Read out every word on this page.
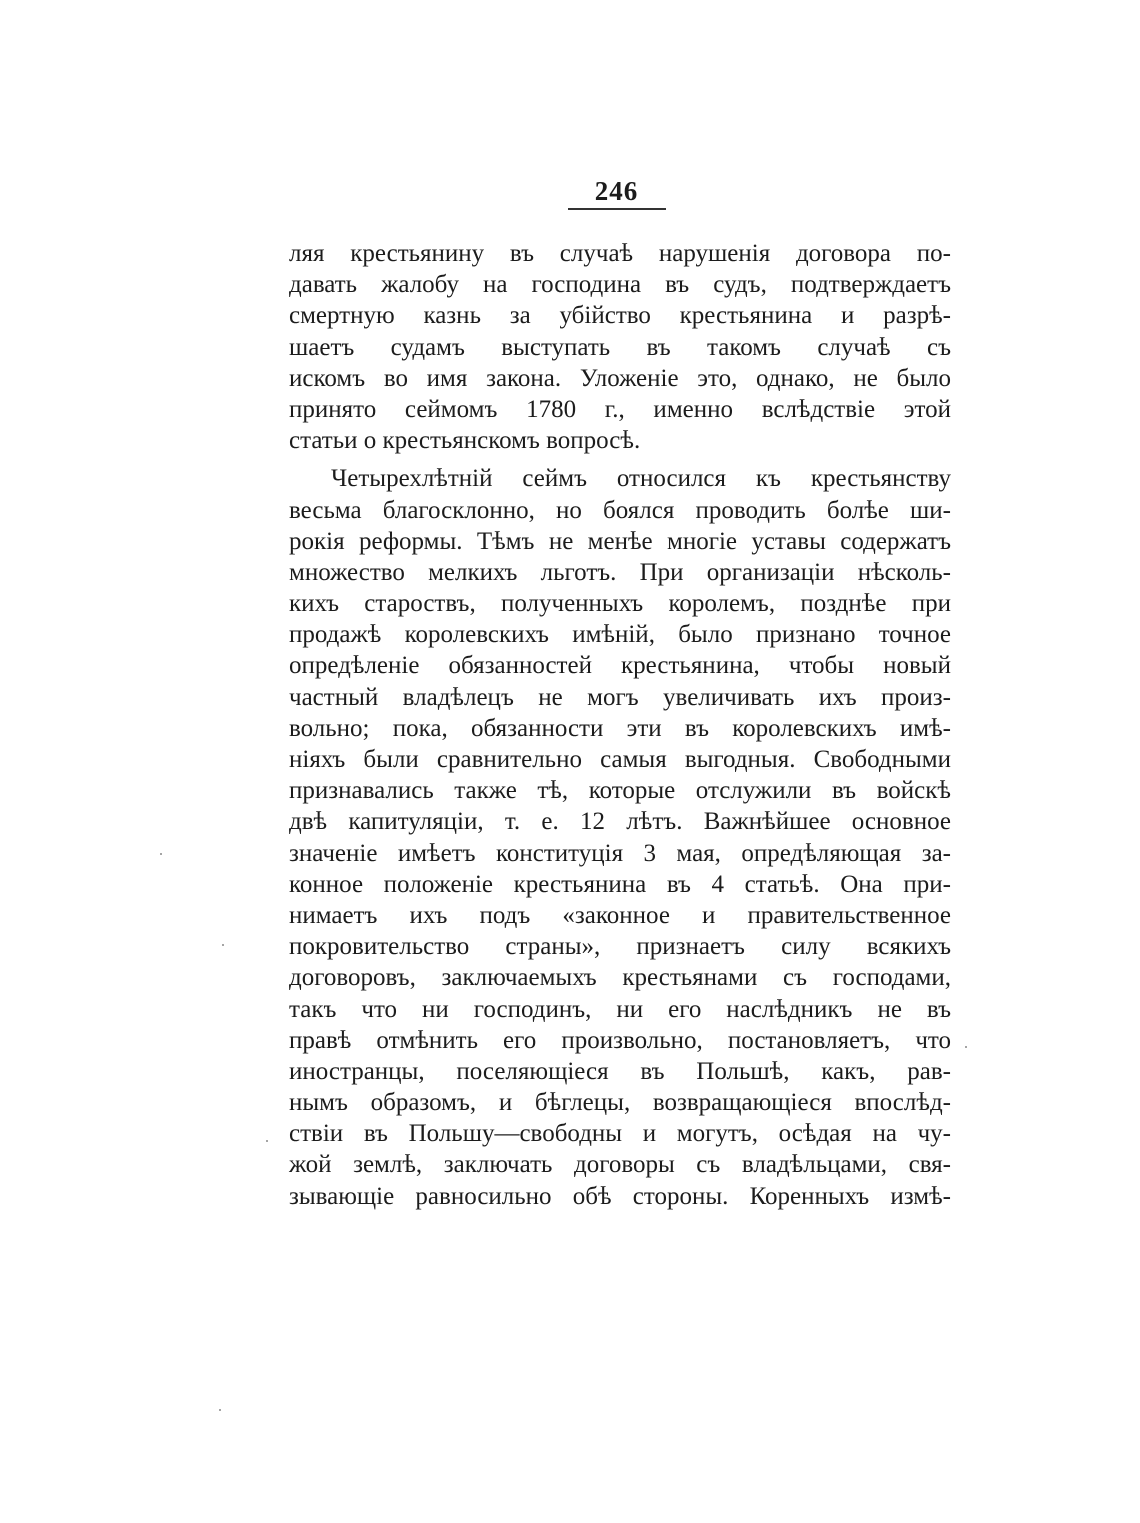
246
ляя крестьянину въ случаѣ нарушенія договора по-
давать жалобу на господина въ судъ, подтверждаетъ
смертную казнь за убійство крестьянина и разрѣ-
шаетъ судамъ выступать въ такомъ случаѣ съ
искомъ во имя закона. Уложеніе это, однако, не было
принято сеймомъ 1780 г., именно вслѣдствіе этой
статьи о крестьянскомъ вопросѣ.
Четырехлѣтній сеймъ относился къ крестьянству
весьма благосклонно, но боялся проводить болѣе ши-
рокія реформы. Тѣмъ не менѣе многіе уставы содержатъ
множество мелкихъ льготъ. При организаціи нѣсколь-
кихъ староствъ, полученныхъ королемъ, позднѣе при
продажѣ королевскихъ имѣній, было признано точное
опредѣленіе обязанностей крестьянина, чтобы новый
частный владѣлецъ не могъ увеличивать ихъ произ-
вольно; пока, обязанности эти въ королевскихъ имѣ-
ніяхъ были сравнительно самыя выгодныя. Свободными
признавались также тѣ, которые отслужили въ войскѣ
двѣ капитуляціи, т. е. 12 лѣтъ. Важнѣйшее основное
значеніе имѣетъ конституція 3 мая, опредѣляющая за-
конное положеніе крестьянина въ 4 статьѣ. Она при-
нимаетъ ихъ подъ «законное и правительственное
покровительство страны», признаетъ силу всякихъ
договоровъ, заключаемыхъ крестьянами съ господами,
такъ что ни господинъ, ни его наслѣдникъ не въ
правѣ отмѣнить его произвольно, постановляетъ, что
иностранцы, поселяющіеся въ Польшѣ, какъ, рав-
нымъ образомъ, и бѣглецы, возвращающіеся впослѣд-
ствіи въ Польшу—свободны и могутъ, осѣдая на чу-
жой землѣ, заключать договоры съ владѣльцами, свя-
зывающіе равносильно обѣ стороны. Коренныхъ измѣ-
